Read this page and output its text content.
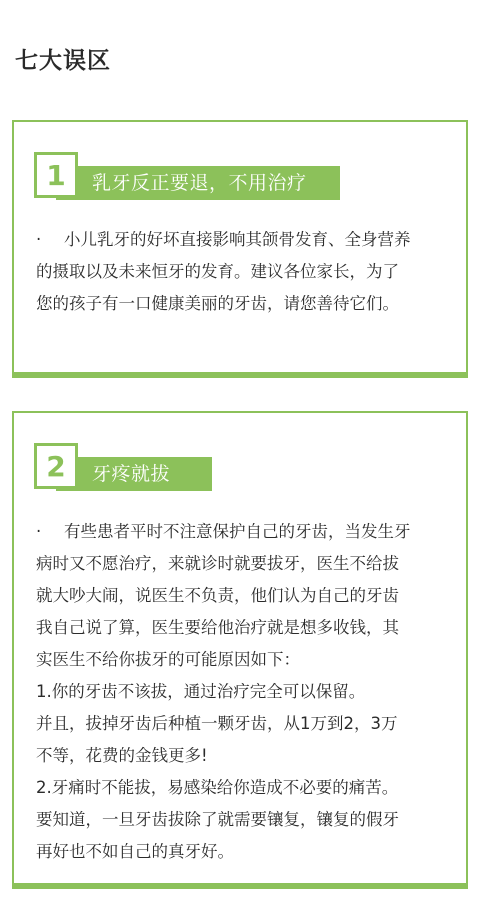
七大误区
乳牙反正要退，不用治疗
1
· 小儿乳牙的好坏直接影响其颌骨发育、全身营养
的摄取以及未来恒牙的发育。建议各位家长，为了
您的孩子有一口健康美丽的牙齿，请您善待它们。
牙疼就拔
2
· 有些患者平时不注意保护自己的牙齿，当发生牙
病时又不愿治疗，来就诊时就要拔牙，医生不给拔
就大吵大闹，说医生不负责，他们认为自己的牙齿
我自己说了算，医生要给他治疗就是想多收钱，其
实医生不给你拔牙的可能原因如下：
1.你的牙齿不该拔，通过治疗完全可以保留。
并且，拔掉牙齿后种植一颗牙齿，从1万到2，3万
不等，花费的金钱更多!
2.牙痛时不能拔，易感染给你造成不必要的痛苦。
要知道，一旦牙齿拔除了就需要镶复，镶复的假牙
再好也不如自己的真牙好。
